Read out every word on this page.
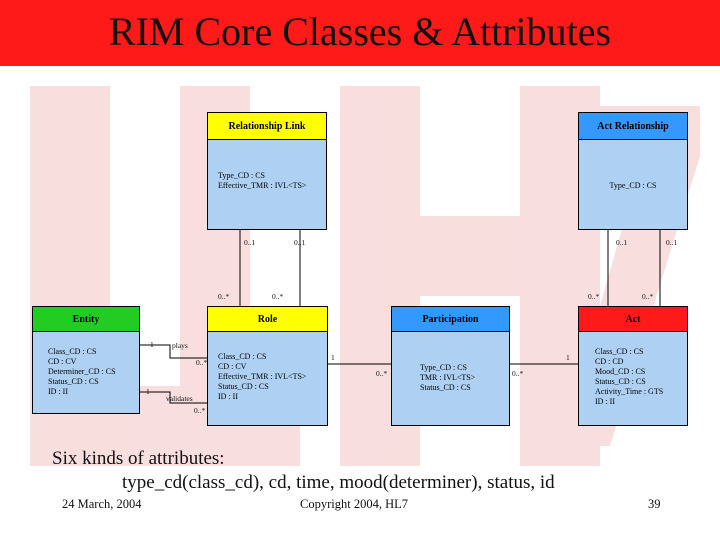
RIM Core Classes & Attributes
Relationship Link
Type_CD : CS
Effective_TMR : IVL<TS>
Act Relationship
Type_CD : CS
Entity
Class_CD : CS
CD : CV
Determiner_CD : CS
Status_CD : CS
ID : II
Role
Class_CD : CS
CD : CV
Effective_TMR : IVL<TS>
Status_CD : CS
ID : II
Participation
Type_CD : CS
TMR : IVL<TS>
Status_CD : CS
Act
Class_CD : CS
CD : CD
Mood_CD : CS
Status_CD : CS
Activity_Time : GTS
ID : II
0..1	0..1
0..*	0..*
0..1	0..1
0..*	0..*
1 plays
0..*
1
validates
0..*
1
0..*	0..*
1
Six kinds of attributes:
type_cd(class_cd), cd, time, mood(determiner), status, id
24 March, 2004	Copyright 2004, HL7	39
